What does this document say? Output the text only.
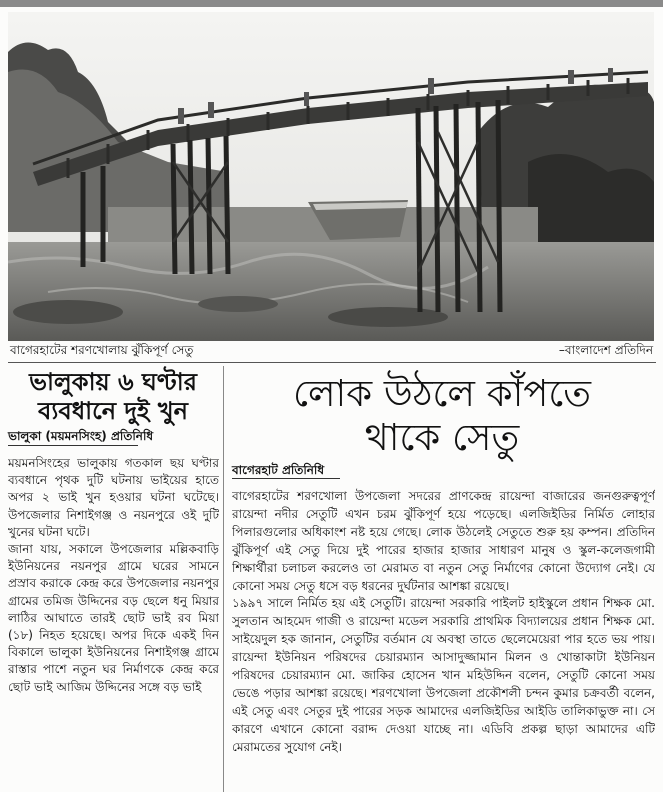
বাগেরহাটের শরণখোলায় ঝুঁকিপূর্ণ সেতু	–বাংলাদেশ প্রতিদিন
ভালুকায় ৬ ঘণ্টার
ব্যবধানে দুই খুন
ভালুকা (ময়মনসিংহ) প্রতিনিধি

ময়মনসিংহের ভালুকায় গতকাল ছয় ঘণ্টার ব্যবধানে পৃথক দুটি ঘটনায় ভাইয়ের হাতে অপর ২ ভাই খুন হওয়ার ঘটনা ঘটেছে। উপজেলার নিশাইগঞ্জ ও নয়নপুরে ওই দুটি খুনের ঘটনা ঘটে।

জানা যায়, সকালে উপজেলার মল্লিকবাড়ি ইউনিয়নের নয়নপুর গ্রামে ঘরের সামনে প্রস্রাব করাকে কেন্দ্র করে উপজেলার নয়নপুর গ্রামের তমিজ উদ্দিনের বড় ছেলে ধনু মিয়ার লাঠির আঘাতে তারই ছোট ভাই রব মিয়া (১৮) নিহত হয়েছে। অপর দিকে একই দিন বিকালে ভালুকা ইউনিয়নের নিশাইগঞ্জ গ্রামে রাস্তার পাশে নতুন ঘর নির্মাণকে কেন্দ্র করে ছোট ভাই আজিম উদ্দিনের সঙ্গে বড় ভাই

লোক উঠলে কাঁপতে
থাকে সেতু
বাগেরহাট প্রতিনিধি

বাগেরহাটের শরণখোলা উপজেলা সদরের প্রাণকেন্দ্র রায়েন্দা বাজারের জনগুরুত্বপূর্ণ রায়েন্দা নদীর সেতুটি এখন চরম ঝুঁকিপূর্ণ হয়ে পড়েছে। এলজিইডির নির্মিত লোহার পিলারগুলোর অধিকাংশ নষ্ট হয়ে গেছে। লোক উঠলেই সেতুতে শুরু হয় কম্পন। প্রতিদিন ঝুঁকিপূর্ণ এই সেতু দিয়ে দুই পারের হাজার হাজার সাধারণ মানুষ ও স্কুল-কলেজগামী শিক্ষার্থীরা চলাচল করলেও তা মেরামত বা নতুন সেতু নির্মাণের কোনো উদ্যোগ নেই। যে কোনো সময় সেতু ধসে বড় ধরনের দুর্ঘটনার আশঙ্কা রয়েছে।

১৯৯৭ সালে নির্মিত হয় এই সেতুটি। রায়েন্দা সরকারি পাইলট হাইস্কুলে প্রধান শিক্ষক মো. সুলতান আহমেদ গাজী ও রায়েন্দা মডেল সরকারি প্রাথমিক বিদ্যালয়ের প্রধান শিক্ষক মো. সাইয়েদুল হক জানান, সেতুটির বর্তমান যে অবস্থা তাতে ছেলেমেয়েরা পার হতে ভয় পায়। রায়েন্দা ইউনিয়ন পরিষদের চেয়ারম্যান আসাদুজ্জামান মিলন ও খোন্তাকাটা ইউনিয়ন পরিষদের চেয়ারম্যান মো. জাকির হোসেন খান মহিউদ্দিন বলেন, সেতুটি কোনো সময় ভেঙে পড়ার আশঙ্কা রয়েছে। শরণখোলা উপজেলা প্রকৌশলী চন্দন কুমার চক্রবর্তী বলেন, এই সেতু এবং সেতুর দুই পারের সড়ক আমাদের এলজিইডির আইডি তালিকাভুক্ত না। সে কারণে এখানে কোনো বরাদ্দ দেওয়া যাচ্ছে না। এডিবি প্রকল্প ছাড়া আমাদের এটি মেরামতের সুযোগ নেই।
